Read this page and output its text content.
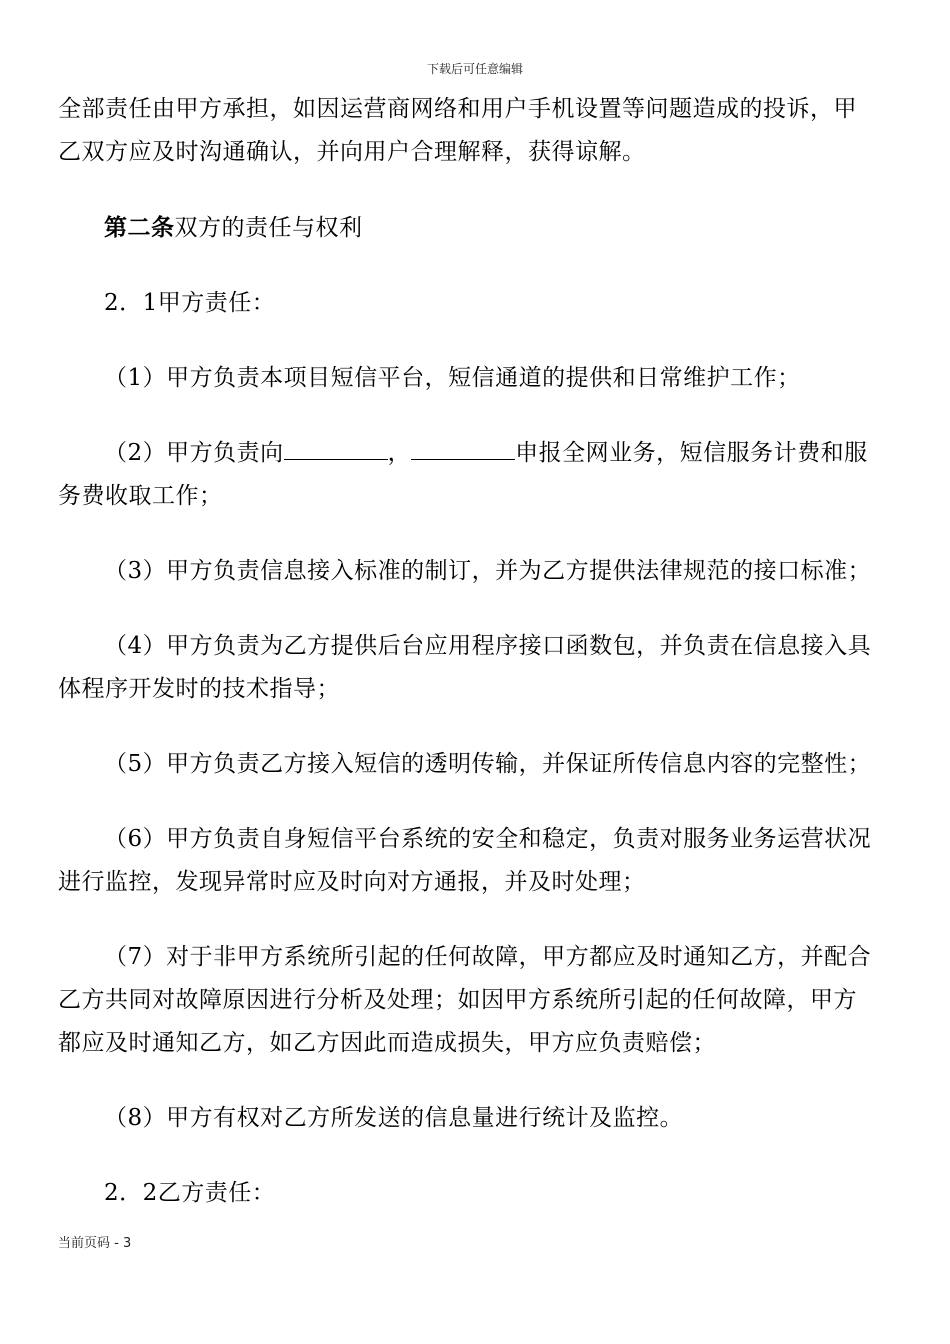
下载后可任意编辑

全部责任由甲方承担，如因运营商网络和用户手机设置等问题造成的投诉，甲乙双方应及时沟通确认，并向用户合理解释，获得谅解。

第二条双方的责任与权利

2．1甲方责任：

（1）甲方负责本项目短信平台，短信通道的提供和日常维护工作；

（2）甲方负责向	，	申报全网业务，短信服务计费和服务费收取工作；

（3）甲方负责信息接入标准的制订，并为乙方提供法律规范的接口标准；

（4）甲方负责为乙方提供后台应用程序接口函数包，并负责在信息接入具体程序开发时的技术指导；

（5）甲方负责乙方接入短信的透明传输，并保证所传信息内容的完整性；

（6）甲方负责自身短信平台系统的安全和稳定，负责对服务业务运营状况进行监控，发现异常时应及时向对方通报，并及时处理；

（7）对于非甲方系统所引起的任何故障，甲方都应及时通知乙方，并配合乙方共同对故障原因进行分析及处理；如因甲方系统所引起的任何故障，甲方都应及时通知乙方，如乙方因此而造成损失，甲方应负责赔偿；

（8）甲方有权对乙方所发送的信息量进行统计及监控。

2．2乙方责任：

当前页码 - 3
